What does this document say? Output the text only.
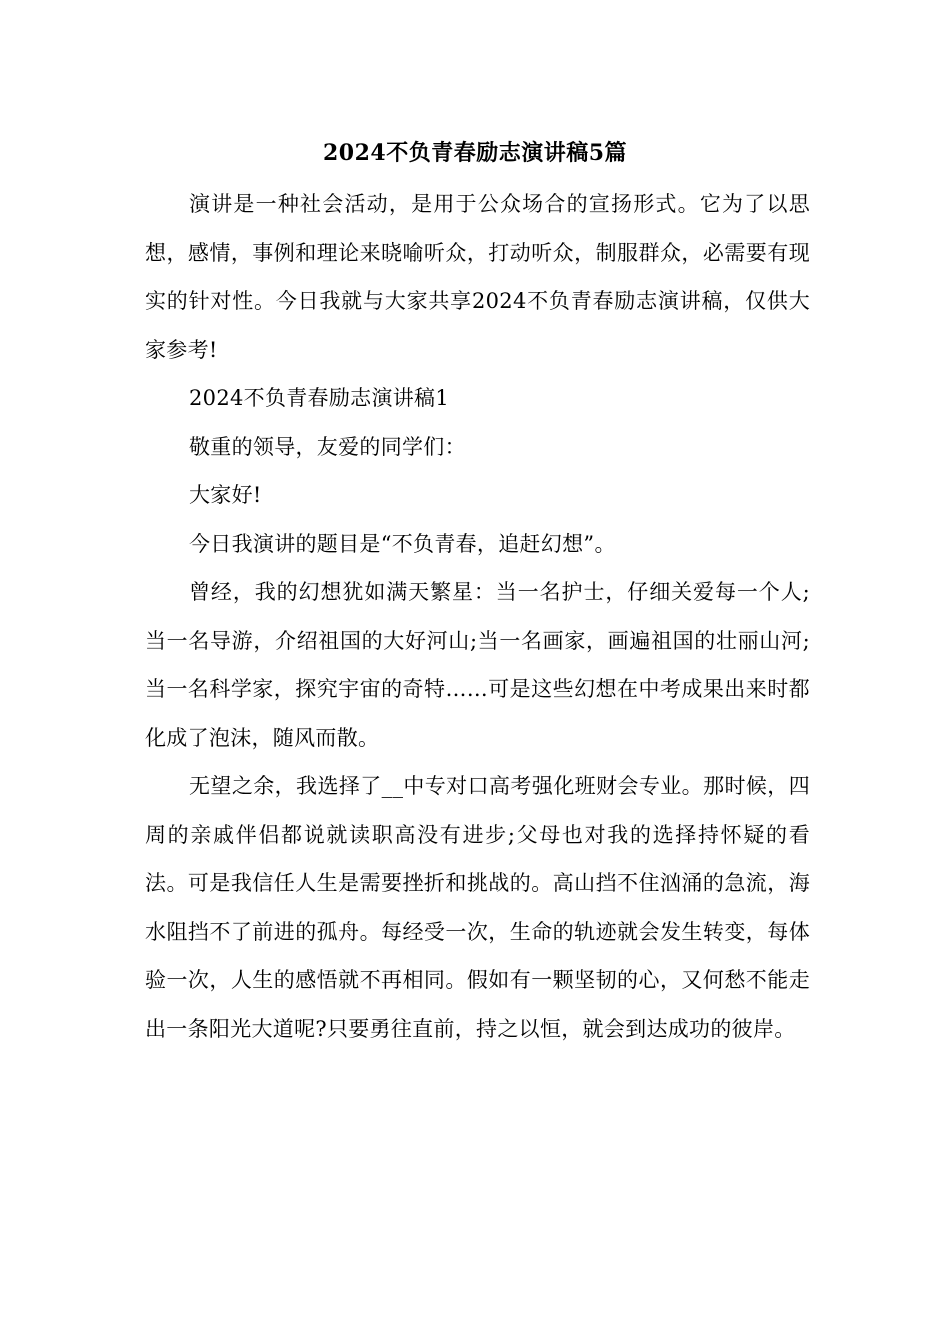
2024不负青春励志演讲稿5篇

演讲是一种社会活动，是用于公众场合的宣扬形式。它为了以思想，感情，事例和理论来晓喻听众，打动听众，制服群众，必需要有现实的针对性。今日我就与大家共享2024不负青春励志演讲稿，仅供大家参考!

2024不负青春励志演讲稿1

敬重的领导，友爱的同学们：

大家好!

今日我演讲的题目是“不负青春，追赶幻想”。

曾经，我的幻想犹如满天繁星：当一名护士，仔细关爱每一个人;当一名导游，介绍祖国的大好河山;当一名画家，画遍祖国的壮丽山河;当一名科学家，探究宇宙的奇特……可是这些幻想在中考成果出来时都化成了泡沫，随风而散。

无望之余，我选择了__中专对口高考强化班财会专业。那时候，四周的亲戚伴侣都说就读职高没有进步;父母也对我的选择持怀疑的看法。可是我信任人生是需要挫折和挑战的。高山挡不住汹涌的急流，海水阻挡不了前进的孤舟。每经受一次，生命的轨迹就会发生转变，每体验一次，人生的感悟就不再相同。假如有一颗坚韧的心，又何愁不能走出一条阳光大道呢?只要勇往直前，持之以恒，就会到达成功的彼岸。
